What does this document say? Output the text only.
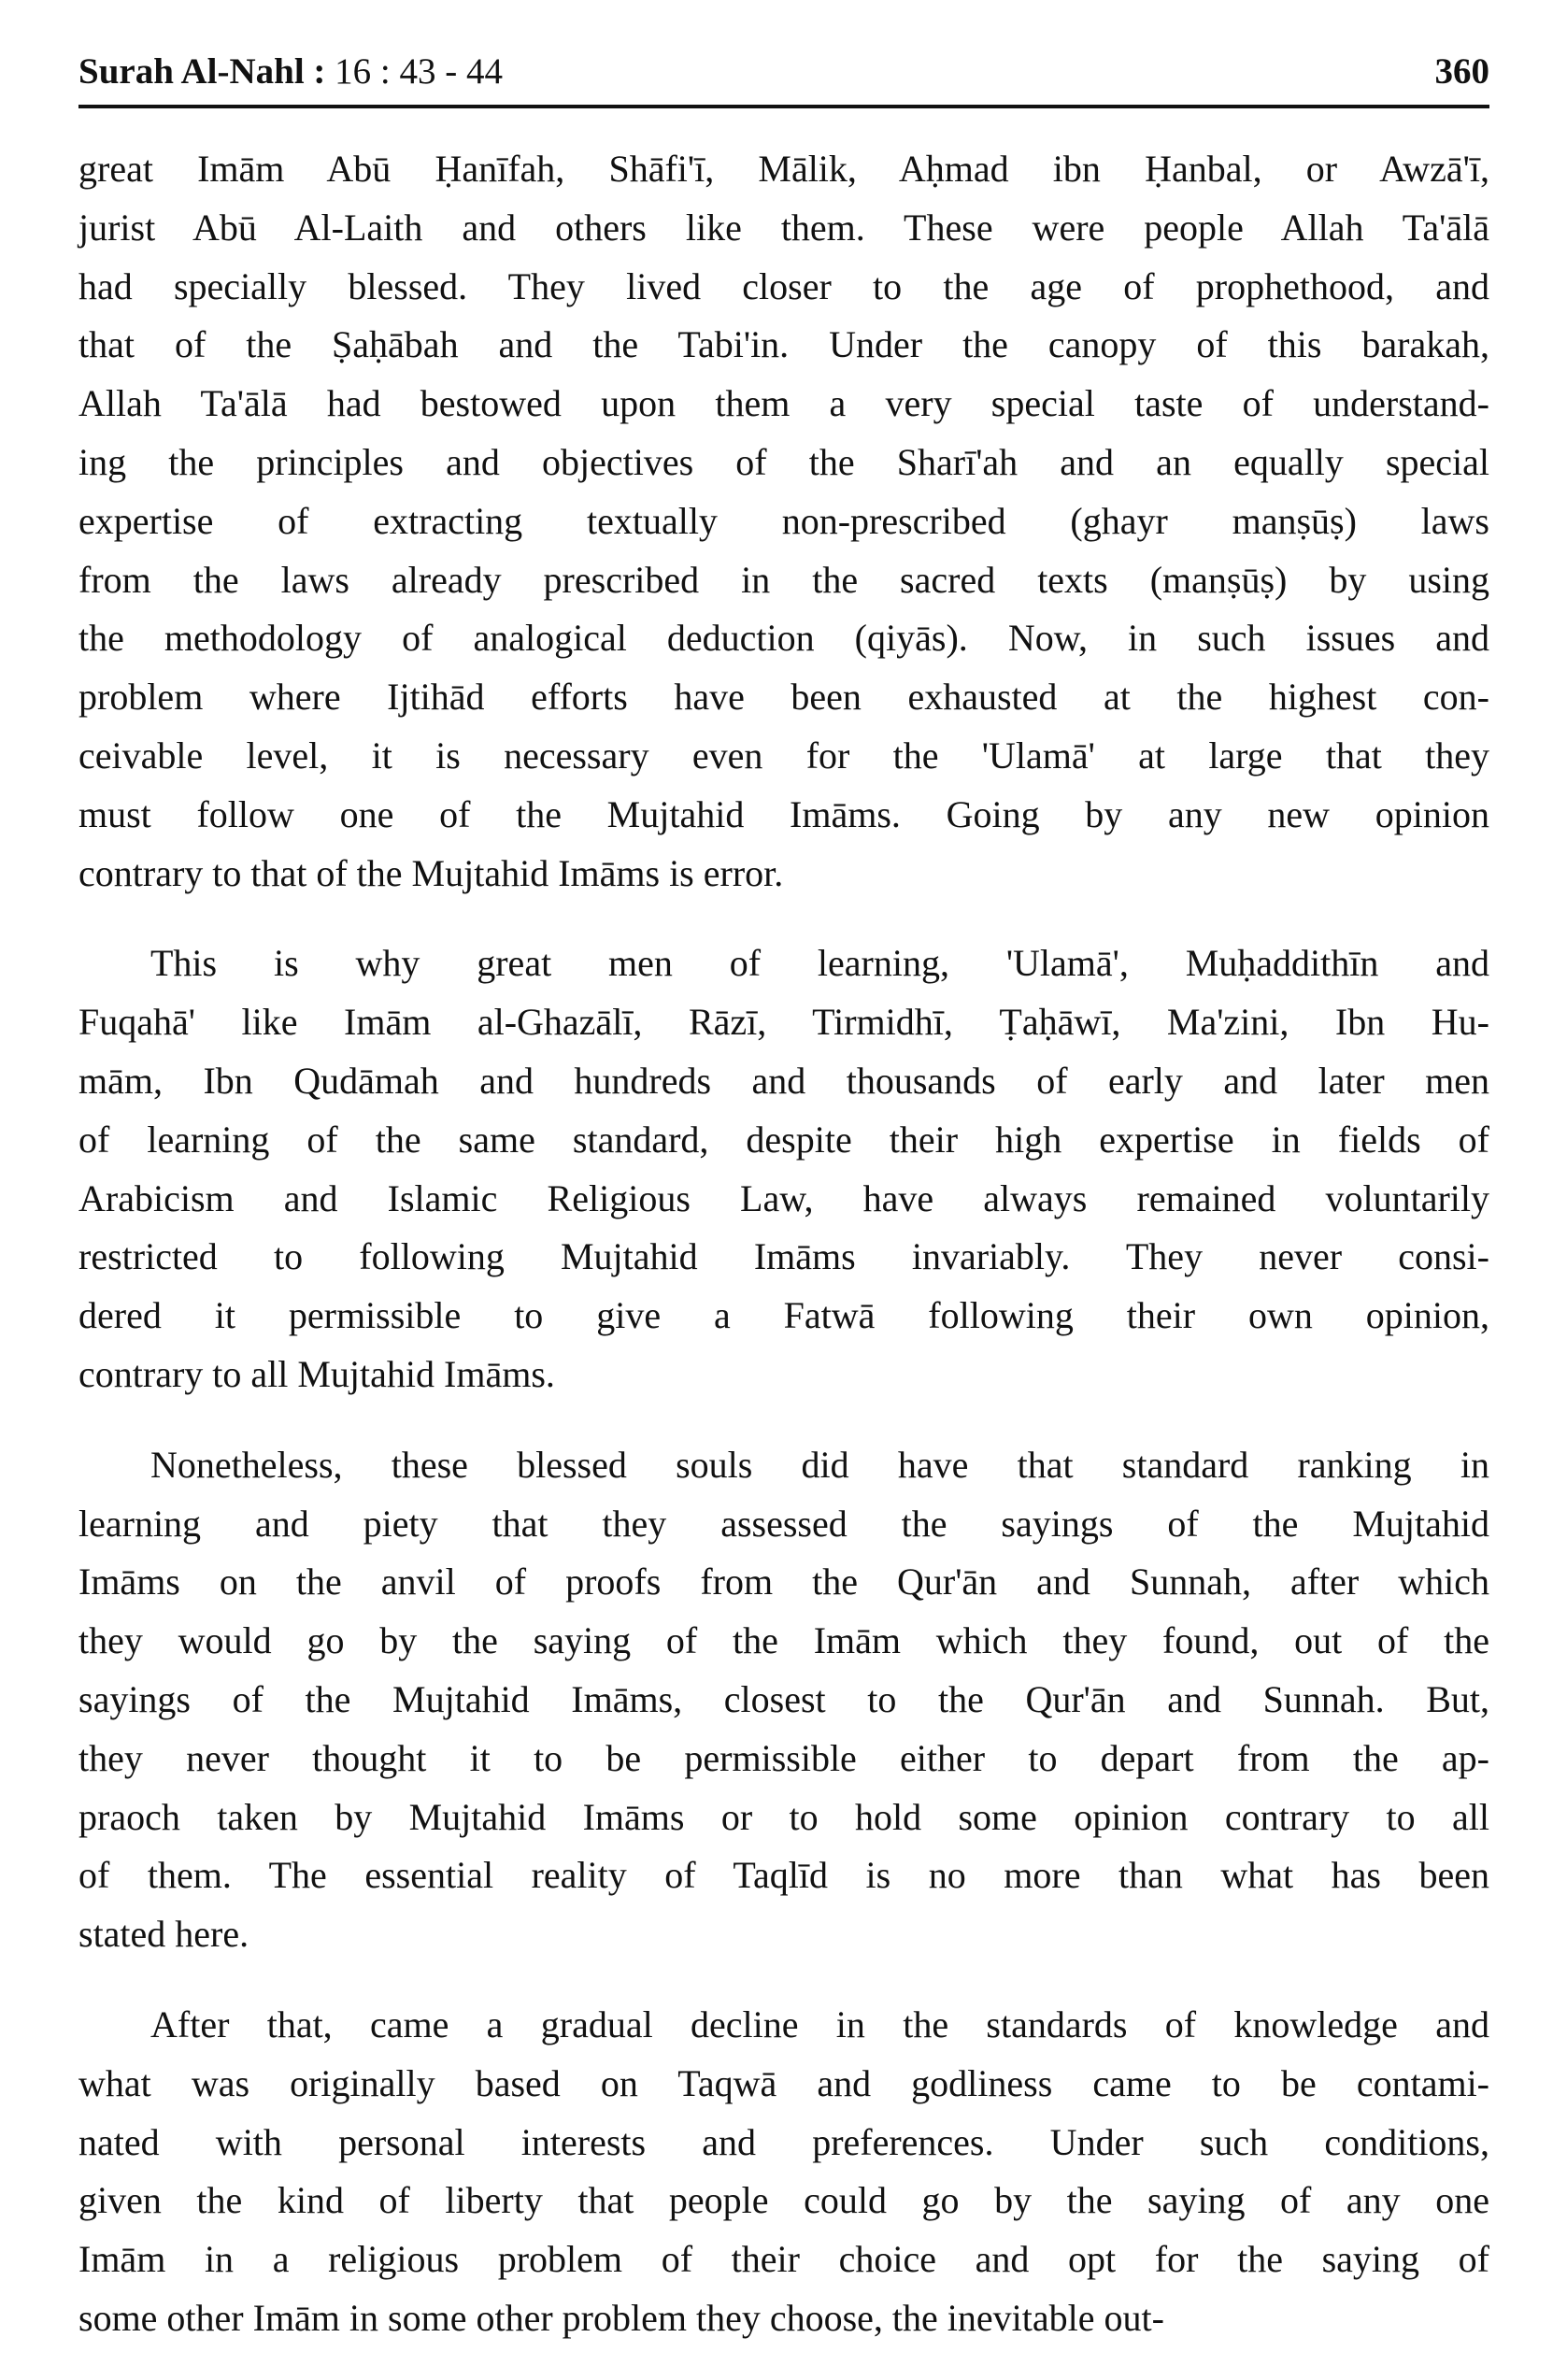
Surah Al-Nahl : 16 : 43 - 44	360

great Imām Abū Ḥanīfah, Shāfi'ī, Mālik, Aḥmad ibn Ḥanbal, or Awzā'ī,
jurist Abū Al-Laith and others like them. These were people Allah Ta'ālā
had specially blessed. They lived closer to the age of prophethood, and
that of the Ṣaḥābah and the Tabi'in. Under the canopy of this barakah,
Allah Ta'ālā had bestowed upon them a very special taste of understand-
ing the principles and objectives of the Sharī'ah and an equally special
expertise of extracting textually non-prescribed (ghayr manṣūṣ) laws
from the laws already prescribed in the sacred texts (manṣūṣ) by using
the methodology of analogical deduction (qiyās). Now, in such issues and
problem where Ijtihād efforts have been exhausted at the highest con-
ceivable level, it is necessary even for the 'Ulamā' at large that they
must follow one of the Mujtahid Imāms. Going by any new opinion
contrary to that of the Mujtahid Imāms is error.

This is why great men of learning, 'Ulamā', Muḥaddithīn and
Fuqahā' like Imām al-Ghazālī, Rāzī, Tirmidhī, Ṭaḥāwī, Ma'zini, Ibn Hu-
mām, Ibn Qudāmah and hundreds and thousands of early and later men
of learning of the same standard, despite their high expertise in fields of
Arabicism and Islamic Religious Law, have always remained voluntarily
restricted to following Mujtahid Imāms invariably. They never consi-
dered it permissible to give a Fatwā following their own opinion,
contrary to all Mujtahid Imāms.

Nonetheless, these blessed souls did have that standard ranking in
learning and piety that they assessed the sayings of the Mujtahid
Imāms on the anvil of proofs from the Qur'ān and Sunnah, after which
they would go by the saying of the Imām which they found, out of the
sayings of the Mujtahid Imāms, closest to the Qur'ān and Sunnah. But,
they never thought it to be permissible either to depart from the ap-
praoch taken by Mujtahid Imāms or to hold some opinion contrary to all
of them. The essential reality of Taqlīd is no more than what has been
stated here.

After that, came a gradual decline in the standards of knowledge and
what was originally based on Taqwā and godliness came to be contami-
nated with personal interests and preferences. Under such conditions,
given the kind of liberty that people could go by the saying of any one
Imām in a religious problem of their choice and opt for the saying of
some other Imām in some other problem they choose, the inevitable out-
